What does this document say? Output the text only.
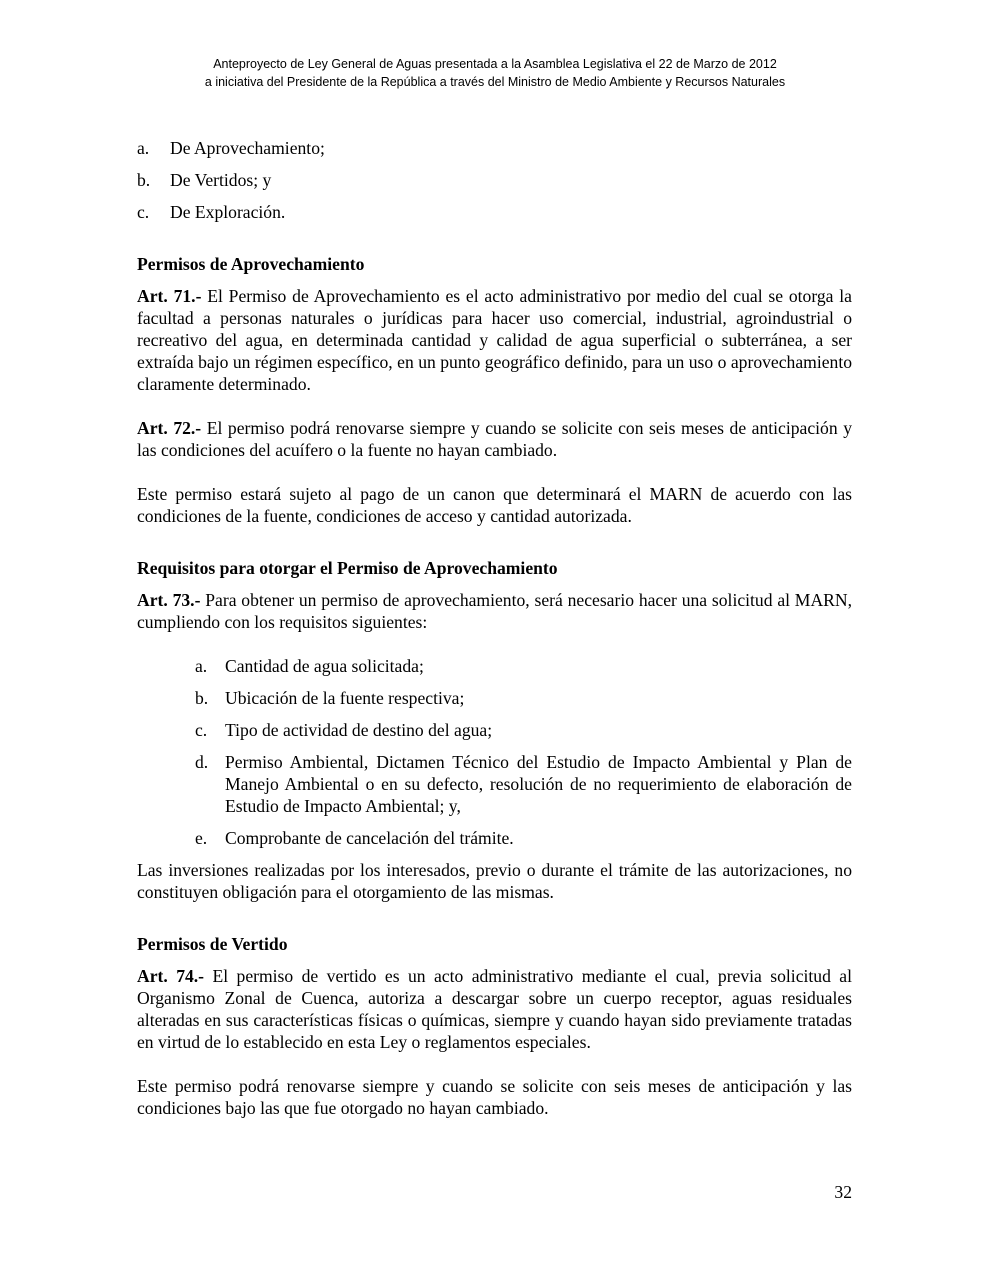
Anteproyecto de Ley General de Aguas presentada a la Asamblea Legislativa el 22 de Marzo de 2012
a iniciativa del Presidente de la República a través del Ministro de Medio Ambiente y Recursos Naturales
a. De Aprovechamiento;
b. De Vertidos; y
c. De Exploración.
Permisos de Aprovechamiento

Art. 71.- El Permiso de Aprovechamiento es el acto administrativo por medio del cual se otorga la facultad a personas naturales o jurídicas para hacer uso comercial, industrial, agroindustrial o recreativo del agua, en determinada cantidad y calidad de agua superficial o subterránea, a ser extraída bajo un régimen específico, en un punto geográfico definido, para un uso o aprovechamiento claramente determinado.

Art. 72.- El permiso podrá renovarse siempre y cuando se solicite con seis meses de anticipación y las condiciones del acuífero o la fuente no hayan cambiado.

Este permiso estará sujeto al pago de un canon que determinará el MARN de acuerdo con las condiciones de la fuente, condiciones de acceso y cantidad autorizada.

Requisitos para otorgar el Permiso de Aprovechamiento

Art. 73.- Para obtener un permiso de aprovechamiento, será necesario hacer una solicitud al MARN, cumpliendo con los requisitos siguientes:

a. Cantidad de agua solicitada;
b. Ubicación de la fuente respectiva;
c. Tipo de actividad de destino del agua;
d. Permiso Ambiental, Dictamen Técnico del Estudio de Impacto Ambiental y Plan de Manejo Ambiental o en su defecto, resolución de no requerimiento de elaboración de Estudio de Impacto Ambiental; y,
e. Comprobante de cancelación del trámite.

Las inversiones realizadas por los interesados, previo o durante el trámite de las autorizaciones, no constituyen obligación para el otorgamiento de las mismas.

Permisos de Vertido

Art. 74.- El permiso de vertido es un acto administrativo mediante el cual, previa solicitud al Organismo Zonal de Cuenca, autoriza a descargar sobre un cuerpo receptor, aguas residuales alteradas en sus características físicas o químicas, siempre y cuando hayan sido previamente tratadas en virtud de lo establecido en esta Ley o reglamentos especiales.

Este permiso podrá renovarse siempre y cuando se solicite con seis meses de anticipación y las condiciones bajo las que fue otorgado no hayan cambiado.

32
